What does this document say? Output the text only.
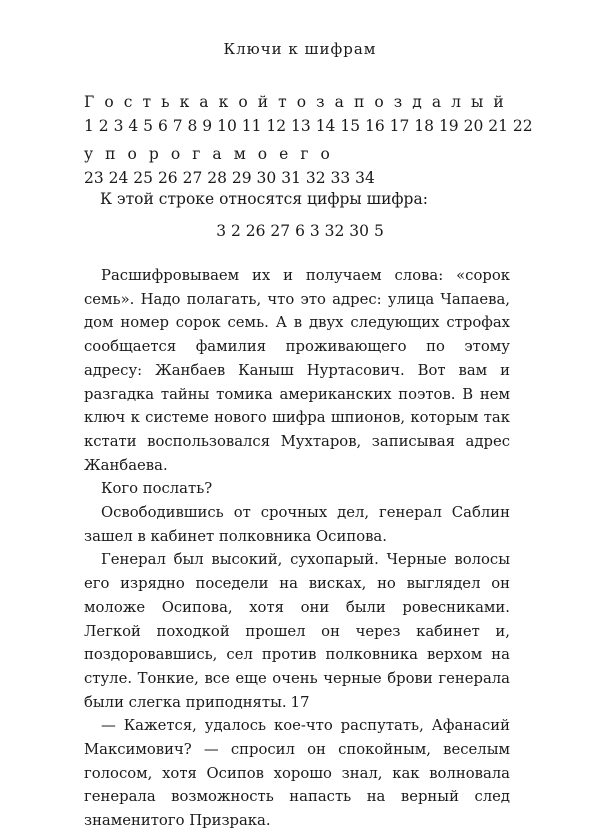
Ключи к шифрам
Г о с т ь к а к о й т о з а п о з д а л ы й
1 2 3 4 5 6 7 8 9 10 11 12 13 14 15 16 17 18 19 20 21 22
у п о р о г а м о е г о
23 24 25 26 27 28 29 30 31 32 33 34
К этой строке относятся цифры шифра:
3 2 26 27 6 3 32 30 5

Расшифровываем их и получаем слова: «сорок семь». Надо полагать, что это адрес: улица Чапаева, дом номер сорок семь. А в двух следующих строфах сообщается фамилия проживающего по этому адресу: Жанбаев Каныш Нуртасович. Вот вам и разгадка тайны томика американских поэтов. В нем ключ к системе нового шифра шпионов, которым так кстати воспользовался Мухтаров, записывая адрес Жанбаева.

Кого послать?

Освободившись от срочных дел, генерал Саблин зашел в кабинет полковника Осипова.

Генерал был высокий, сухопарый. Черные волосы его изрядно поседели на висках, но выглядел он моложе Осипова, хотя они были ровесниками. Легкой походкой прошел он через кабинет и, поздоровавшись, сел против полковника верхом на стуле. Тонкие, все еще очень черные брови генерала были слегка приподняты.

— Кажется, удалось кое-что распутать, Афанасий Максимович? — спросил он спокойным, веселым голосом, хотя Осипов хорошо знал, как волновала генерала возможность напасть на верный след знаменитого Призрака.

17
